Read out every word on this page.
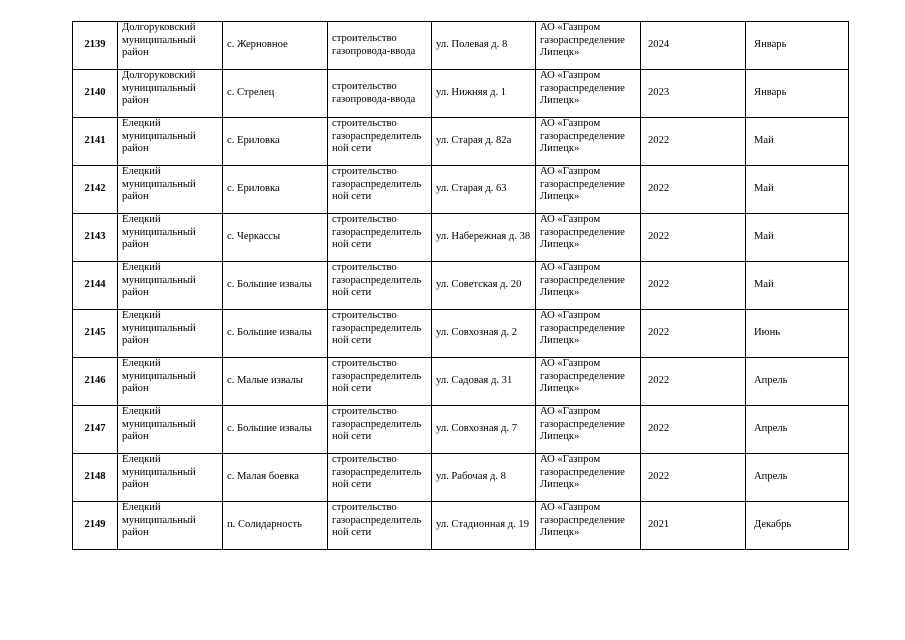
2139	Долгоруковский муниципальный район	с. Жерновное	строительство газопровода-ввода	ул. Полевая д. 8	АО «Газпром газораспределение Липецк»	2024	Январь
2140	Долгоруковский муниципальный район	с. Стрелец	строительство газопровода-ввода	ул. Нижняя д. 1	АО «Газпром газораспределение Липецк»	2023	Январь
2141	Елецкий муниципальный район	с. Ериловка	строительство газораспределитель ной сети	ул. Старая д. 82а	АО «Газпром газораспределение Липецк»	2022	Май
2142	Елецкий муниципальный район	с. Ериловка	строительство газораспределитель ной сети	ул. Старая д. 63	АО «Газпром газораспределение Липецк»	2022	Май
2143	Елецкий муниципальный район	с. Черкассы	строительство газораспределитель ной сети	ул. Набережная д. 38	АО «Газпром газораспределение Липецк»	2022	Май
2144	Елецкий муниципальный район	с. Большие извалы	строительство газораспределитель ной сети	ул. Советская д. 20	АО «Газпром газораспределение Липецк»	2022	Май
2145	Елецкий муниципальный район	с. Большие извалы	строительство газораспределитель ной сети	ул. Совхозная д. 2	АО «Газпром газораспределение Липецк»	2022	Июнь
2146	Елецкий муниципальный район	с. Малые извалы	строительство газораспределитель ной сети	ул. Садовая д. 31	АО «Газпром газораспределение Липецк»	2022	Апрель
2147	Елецкий муниципальный район	с. Большие извалы	строительство газораспределитель ной сети	ул. Совхозная д. 7	АО «Газпром газораспределение Липецк»	2022	Апрель
2148	Елецкий муниципальный район	с. Малая боевка	строительство газораспределитель ной сети	ул. Рабочая д. 8	АО «Газпром газораспределение Липецк»	2022	Апрель
2149	Елецкий муниципальный район	п. Солидарность	строительство газораспределитель ной сети	ул. Стадионная д. 19	АО «Газпром газораспределение Липецк»	2021	Декабрь
